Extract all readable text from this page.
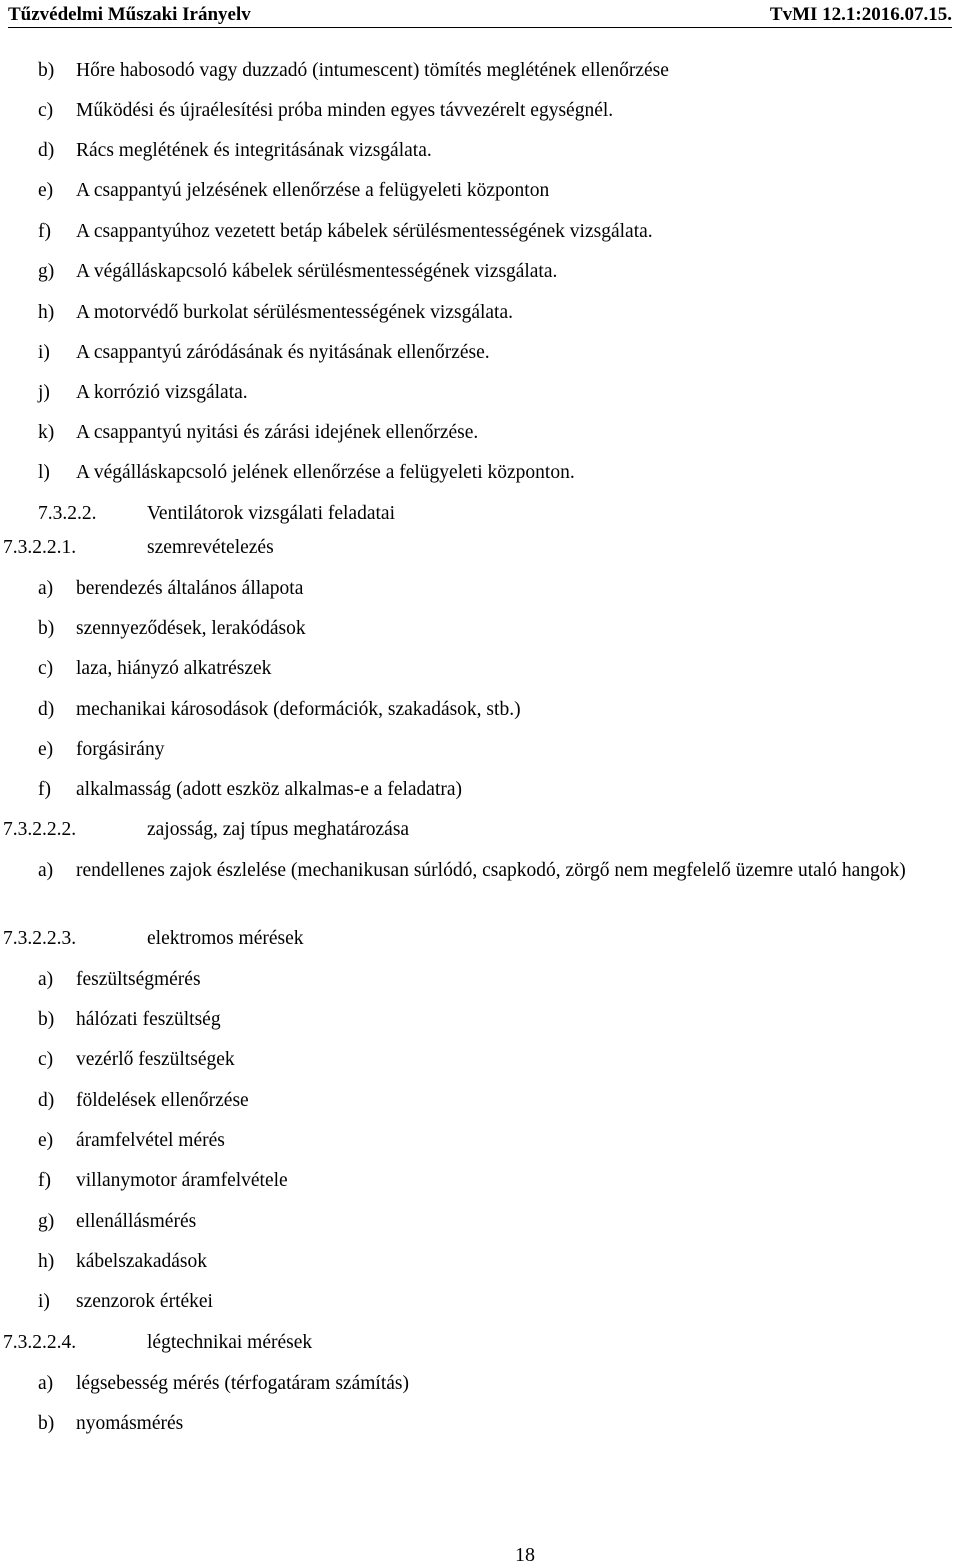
Tűzvédelmi Műszaki Irányelv	TvMI 12.1:2016.07.15.
b) Hőre habosodó vagy duzzadó (intumescent) tömítés meglétének ellenőrzése
c) Működési és újraélesítési próba minden egyes távvezérelt egységnél.
d) Rács meglétének és integritásának vizsgálata.
e) A csappantyú jelzésének ellenőrzése a felügyeleti központon
f) A csappantyúhoz vezetett betáp kábelek sérülésmentességének vizsgálata.
g) A végálláskapcsoló kábelek sérülésmentességének vizsgálata.
h) A motorvédő burkolat sérülésmentességének vizsgálata.
i) A csappantyú záródásának és nyitásának ellenőrzése.
j) A korrózió vizsgálata.
k) A csappantyú nyitási és zárási idejének ellenőrzése.
l) A végálláskapcsoló jelének ellenőrzése a felügyeleti központon.
7.3.2.2.	Ventilátorok vizsgálati feladatai
7.3.2.2.1.	szemrevételezés
a) berendezés általános állapota
b) szennyeződések, lerakódások
c) laza, hiányzó alkatrészek
d) mechanikai károsodások (deformációk, szakadások, stb.)
e) forgásirány
f) alkalmasság (adott eszköz alkalmas-e a feladatra)
7.3.2.2.2.	zajosság, zaj típus meghatározása
a) rendellenes zajok észlelése (mechanikusan súrlódó, csapkodó, zörgő nem megfelelő üzemre utaló hangok)
7.3.2.2.3.	elektromos mérések
a) feszültségmérés
b) hálózati feszültség
c) vezérlő feszültségek
d) földelések ellenőrzése
e) áramfelvétel mérés
f) villanymotor áramfelvétele
g) ellenállásmérés
h) kábelszakadások
i) szenzorok értékei
7.3.2.2.4.	légtechnikai mérések
a) légsebesség mérés (térfogatáram számítás)
b) nyomásmérés
18
